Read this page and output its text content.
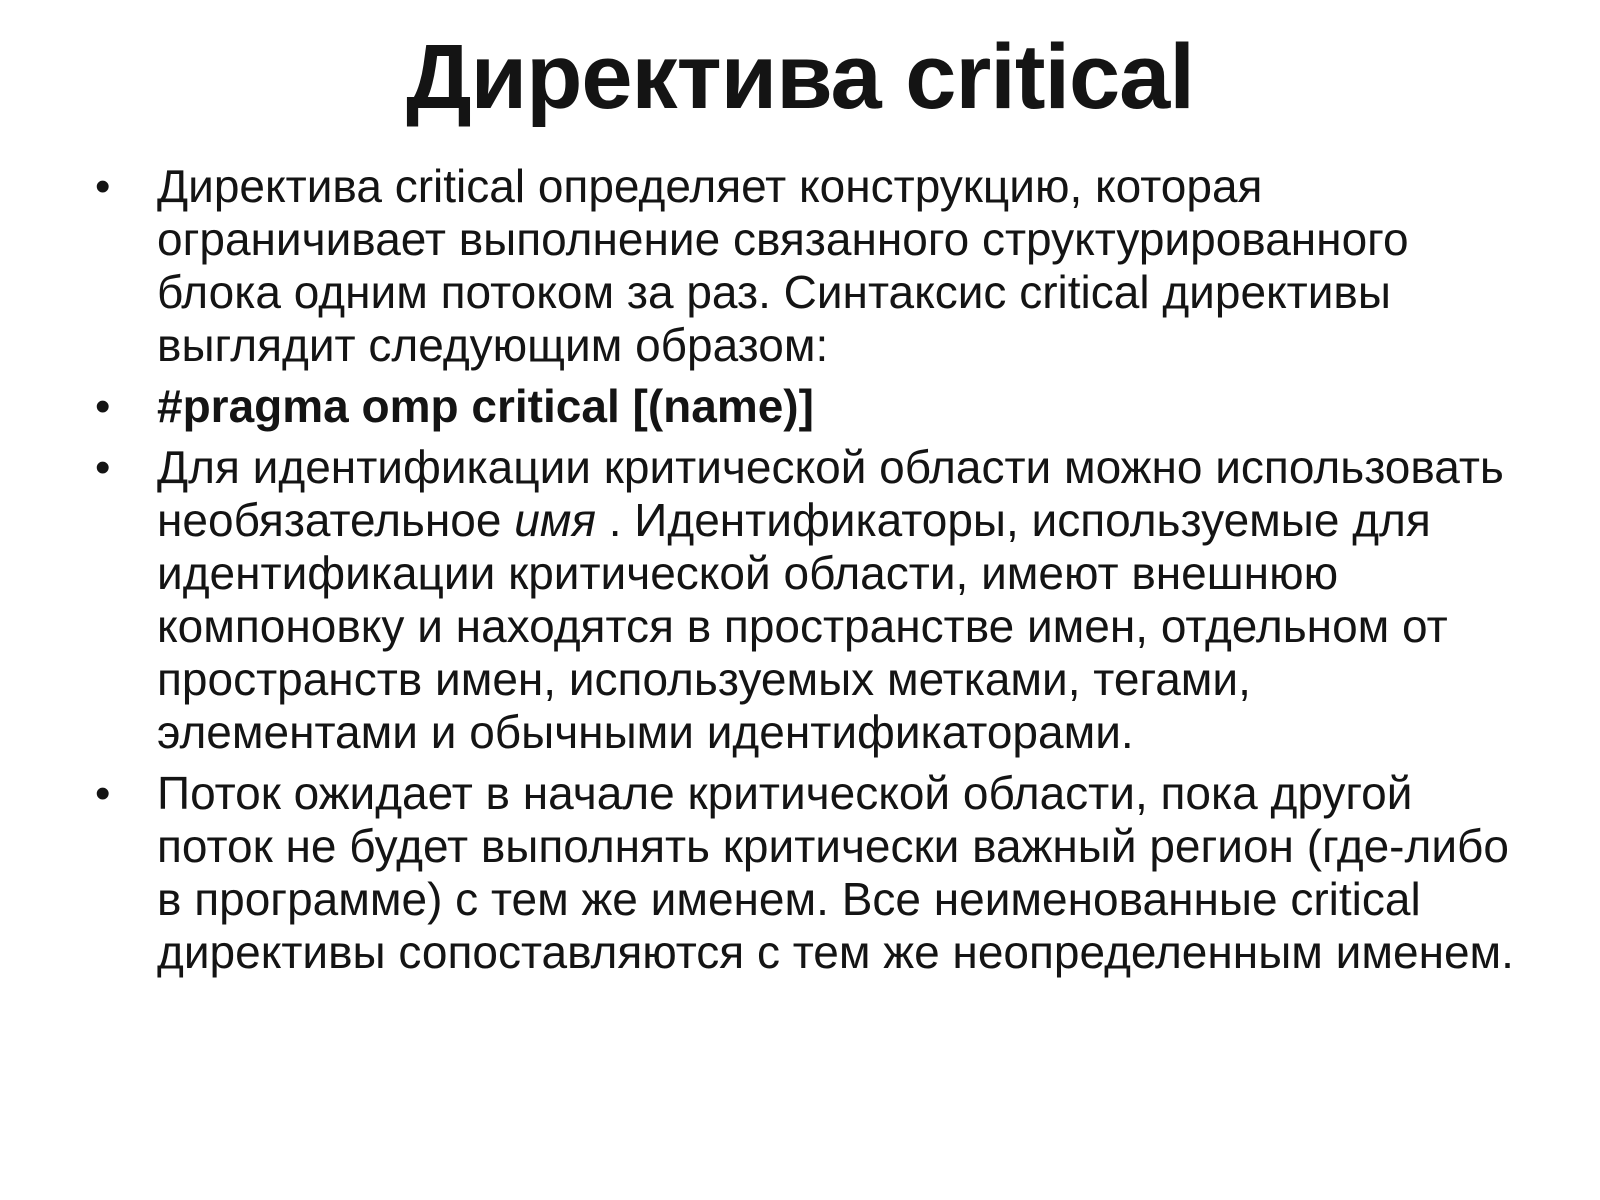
Директива critical
•	Директива critical определяет конструкцию, которая ограничивает выполнение связанного структурированного блока одним потоком за раз. Синтаксис critical директивы выглядит следующим образом:
•	#pragma omp critical [(name)]
•	Для идентификации критической области можно использовать необязательное имя . Идентификаторы, используемые для идентификации критической области, имеют внешнюю компоновку и находятся в пространстве имен, отдельном от пространств имен, используемых метками, тегами, элементами и обычными идентификаторами.
•	Поток ожидает в начале критической области, пока другой поток не будет выполнять критически важный регион (где-либо в программе) с тем же именем. Все неименованные critical директивы сопоставляются с тем же неопределенным именем.
